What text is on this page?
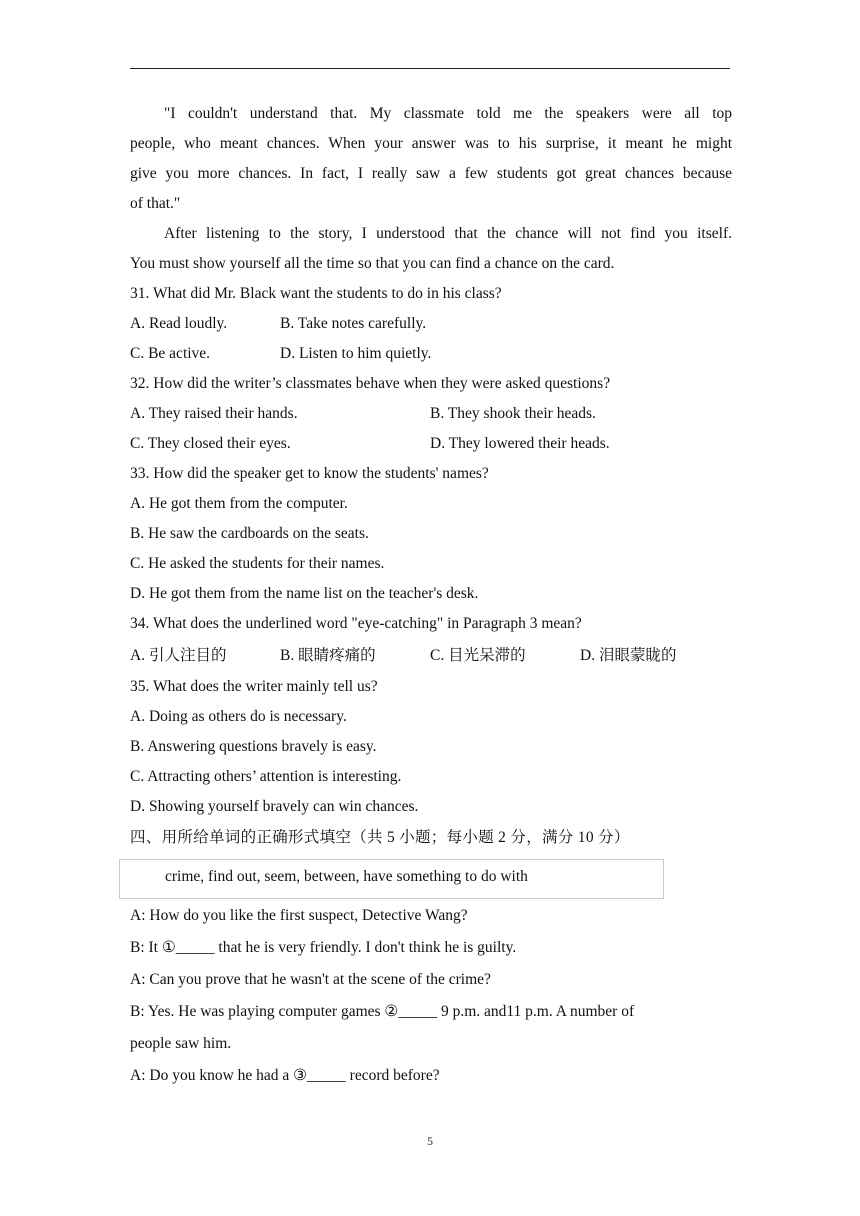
"I couldn't understand that. My classmate told me the speakers were all top
people, who meant chances. When your answer was to his surprise, it meant he might
give you more chances. In fact, I really saw a few students got great chances because
of that."
After listening to the story, I understood that the chance will not find you itself.
You must show yourself all the time so that you can find a chance on the card.
31. What did Mr. Black want the students to do in his class?
A. Read loudly.	B. Take notes carefully.
C. Be active.	D. Listen to him quietly.
32. How did the writer’s classmates behave when they were asked questions?
A. They raised their hands.	B. They shook their heads.
C. They closed their eyes.	D. They lowered their heads.
33. How did the speaker get to know the students' names?
A. He got them from the computer.
B. He saw the cardboards on the seats.
C. He asked the students for their names.
D. He got them from the name list on the teacher's desk.
34. What does the underlined word "eye-catching" in Paragraph 3 mean?
A. 引人注目的	B. 眼睛疼痛的	C. 目光呆滞的	D. 泪眼蒙眬的
35. What does the writer mainly tell us?
A. Doing as others do is necessary.
B. Answering questions bravely is easy.
C. Attracting others’ attention is interesting.
D. Showing yourself bravely can win chances.
四、用所给单词的正确形式填空（共 5 小题；每小题 2 分，满分 10 分）
crime, find out, seem, between, have something to do with
A: How do you like the first suspect, Detective Wang?
B: It ①_____ that he is very friendly. I don't think he is guilty.
A: Can you prove that he wasn't at the scene of the crime?
B: Yes. He was playing computer games ②_____ 9 p.m. and11 p.m. A number of
people saw him.
A: Do you know he had a ③_____ record before?
5
